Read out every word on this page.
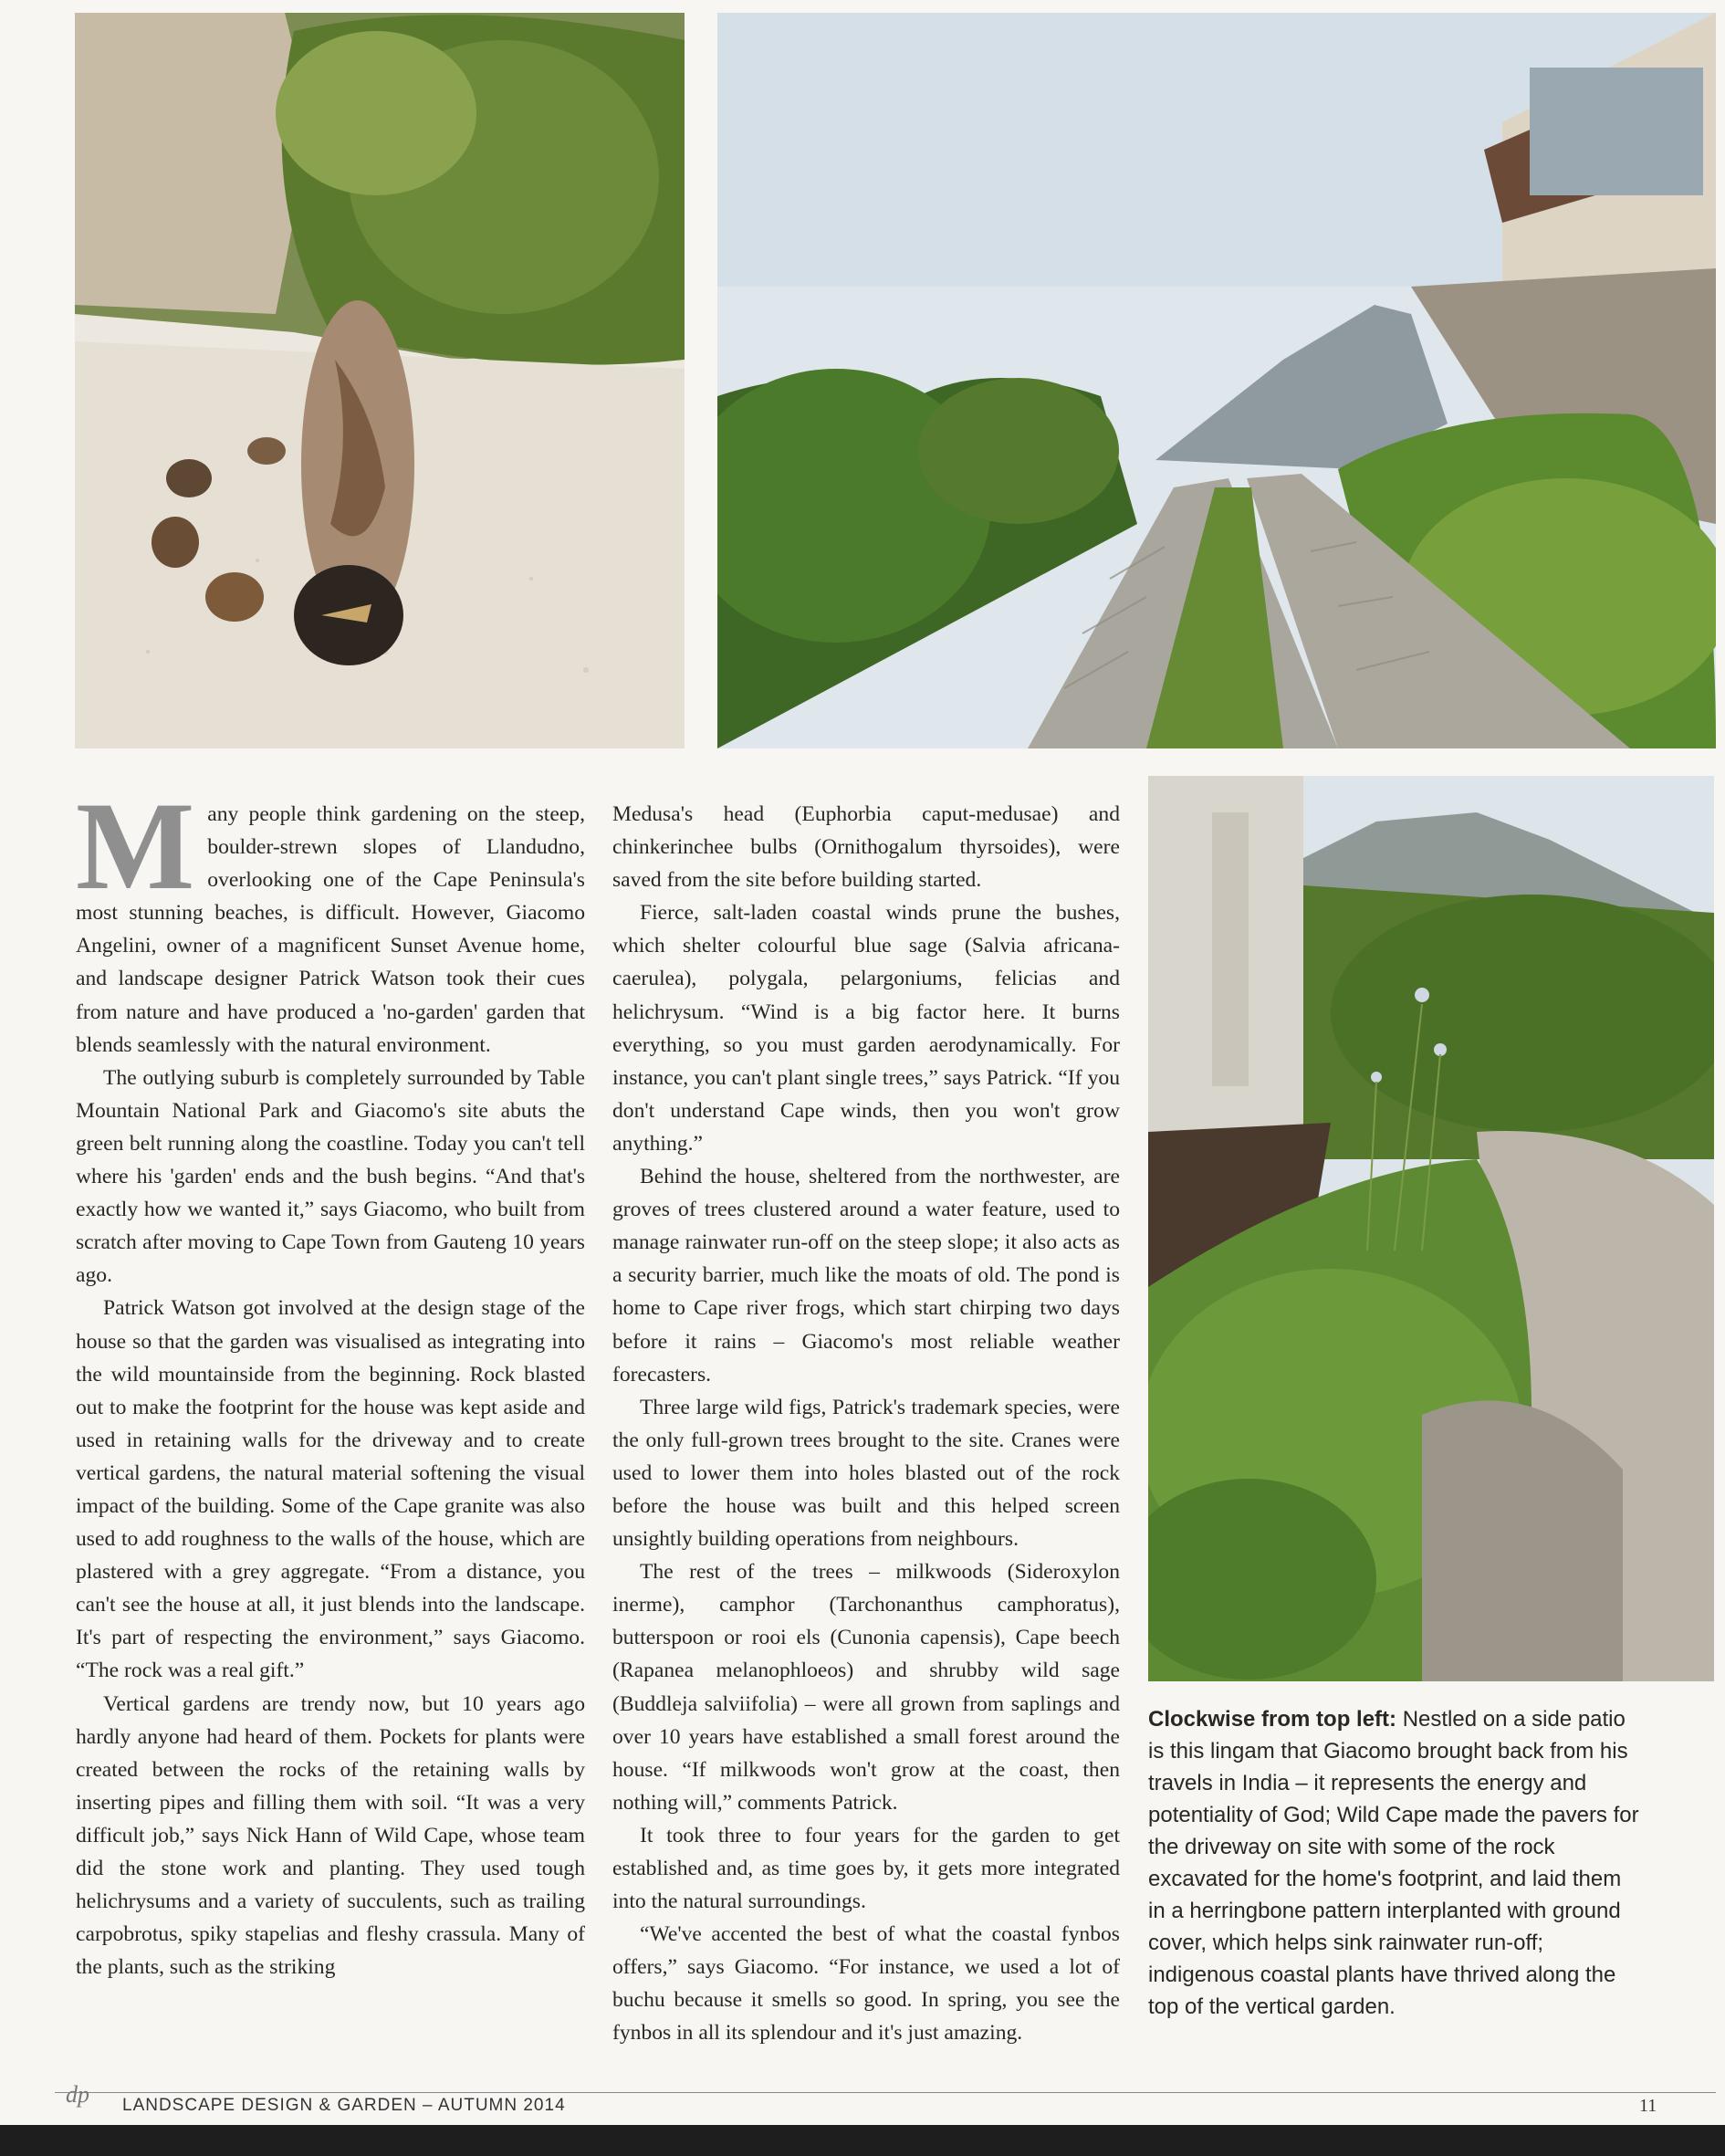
Many people think gardening on the steep, boulder-strewn slopes of Llandudno, overlooking one of the Cape Peninsula's most stunning beaches, is difficult. However, Giacomo Angelini, owner of a magnificent Sunset Avenue home, and landscape designer Patrick Watson took their cues from nature and have produced a 'no-garden' garden that blends seamlessly with the natural environment.

The outlying suburb is completely surrounded by Table Mountain National Park and Giacomo's site abuts the green belt running along the coastline. Today you can't tell where his 'garden' ends and the bush begins. “And that's exactly how we wanted it,” says Giacomo, who built from scratch after moving to Cape Town from Gauteng 10 years ago.

Patrick Watson got involved at the design stage of the house so that the garden was visualised as integrating into the wild mountainside from the beginning. Rock blasted out to make the footprint for the house was kept aside and used in retaining walls for the driveway and to create vertical gardens, the natural material softening the visual impact of the building. Some of the Cape granite was also used to add roughness to the walls of the house, which are plastered with a grey aggregate. “From a distance, you can't see the house at all, it just blends into the landscape. It's part of respecting the environment,” says Giacomo. “The rock was a real gift.”

Vertical gardens are trendy now, but 10 years ago hardly anyone had heard of them. Pockets for plants were created between the rocks of the retaining walls by inserting pipes and filling them with soil. “It was a very difficult job,” says Nick Hann of Wild Cape, whose team did the stone work and planting. They used tough helichrysums and a variety of succulents, such as trailing carpobrotus, spiky stapelias and fleshy crassula. Many of the plants, such as the striking

Medusa's head (Euphorbia caput-medusae) and chinkerinchee bulbs (Ornithogalum thyrsoides), were saved from the site before building started.

Fierce, salt-laden coastal winds prune the bushes, which shelter colourful blue sage (Salvia africana-caerulea), polygala, pelargoniums, felicias and helichrysum. “Wind is a big factor here. It burns everything, so you must garden aerodynamically. For instance, you can't plant single trees,” says Patrick. “If you don't understand Cape winds, then you won't grow anything.”

Behind the house, sheltered from the northwester, are groves of trees clustered around a water feature, used to manage rainwater run-off on the steep slope; it also acts as a security barrier, much like the moats of old. The pond is home to Cape river frogs, which start chirping two days before it rains – Giacomo's most reliable weather forecasters.

Three large wild figs, Patrick's trademark species, were the only full-grown trees brought to the site. Cranes were used to lower them into holes blasted out of the rock before the house was built and this helped screen unsightly building operations from neighbours.

The rest of the trees – milkwoods (Sideroxylon inerme), camphor (Tarchonanthus camphoratus), butterspoon or rooi els (Cunonia capensis), Cape beech (Rapanea melanophloeos) and shrubby wild sage (Buddleja salviifolia) – were all grown from saplings and over 10 years have established a small forest around the house. “If milkwoods won't grow at the coast, then nothing will,” comments Patrick.

It took three to four years for the garden to get established and, as time goes by, it gets more integrated into the natural surroundings.

“We've accented the best of what the coastal fynbos offers,” says Giacomo. “For instance, we used a lot of buchu because it smells so good. In spring, you see the fynbos in all its splendour and it's just amazing.

Clockwise from top left: Nestled on a side patio is this lingam that Giacomo brought back from his travels in India – it represents the energy and potentiality of God; Wild Cape made the pavers for the driveway on site with some of the rock excavated for the home's footprint, and laid them in a herringbone pattern interplanted with ground cover, which helps sink rainwater run-off; indigenous coastal plants have thrived along the top of the vertical garden.
dp LANDSCAPE DESIGN & GARDEN – AUTUMN 2014	11
